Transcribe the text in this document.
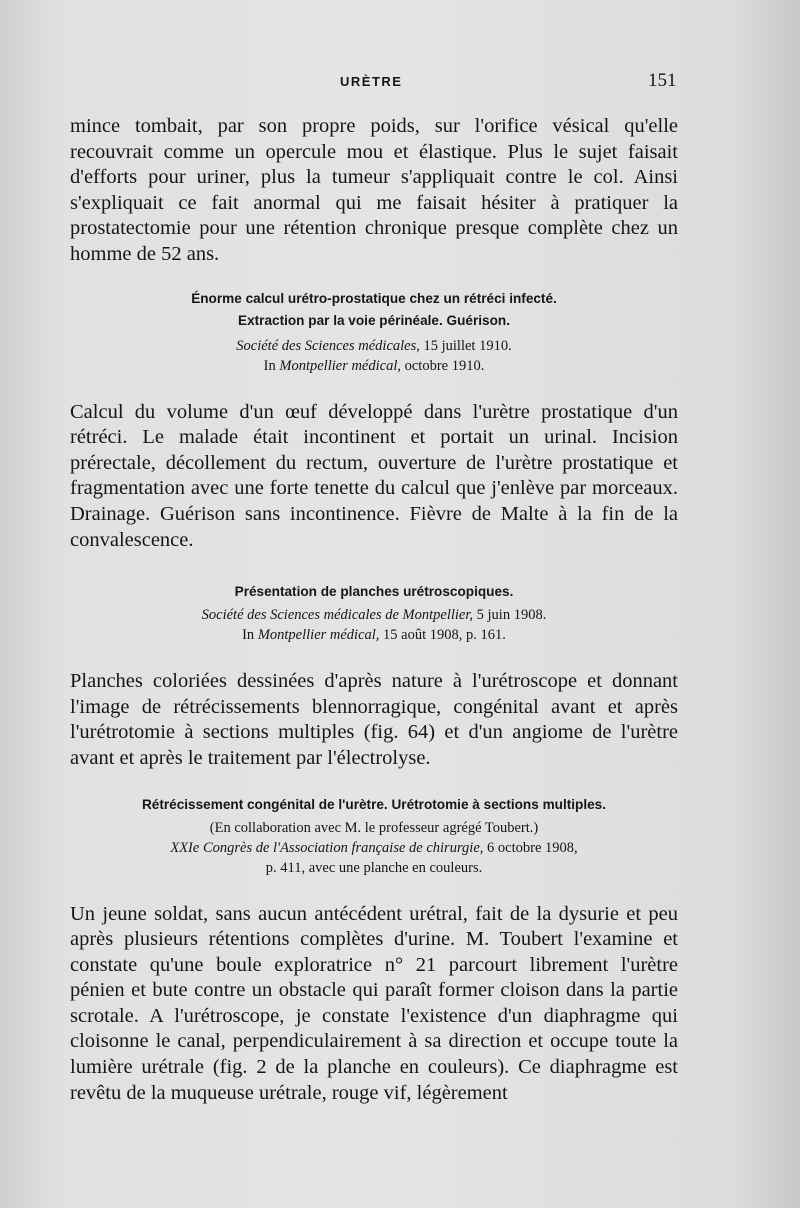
URÈTRE	151

mince tombait, par son propre poids, sur l'orifice vésical qu'elle recouvrait comme un opercule mou et élastique. Plus le sujet faisait d'efforts pour uriner, plus la tumeur s'appliquait contre le col. Ainsi s'expliquait ce fait anormal qui me faisait hésiter à pratiquer la prostatectomie pour une rétention chronique presque complète chez un homme de 52 ans.

Énorme calcul urétro-prostatique chez un rétréci infecté.

Extraction par la voie périnéale. Guérison.

Société des Sciences médicales, 15 juillet 1910.

In Montpellier médical, octobre 1910.

Calcul du volume d'un œuf développé dans l'urètre prostatique d'un rétréci. Le malade était incontinent et portait un urinal. Incision prérectale, décollement du rectum, ouverture de l'urètre prostatique et fragmentation avec une forte tenette du calcul que j'enlève par morceaux. Drainage. Guérison sans incontinence. Fièvre de Malte à la fin de la convalescence.

Présentation de planches urétroscopiques.

Société des Sciences médicales de Montpellier, 5 juin 1908.

In Montpellier médical, 15 août 1908, p. 161.

Planches coloriées dessinées d'après nature à l'urétroscope et donnant l'image de rétrécissements blennorragique, congénital avant et après l'urétrotomie à sections multiples (fig. 64) et d'un angiome de l'urètre avant et après le traitement par l'électrolyse.

Rétrécissement congénital de l'urètre. Urétrotomie à sections multiples.

(En collaboration avec M. le professeur agrégé Toubert.)

XXIe Congrès de l'Association française de chirurgie, 6 octobre 1908,

p. 411, avec une planche en couleurs.

Un jeune soldat, sans aucun antécédent urétral, fait de la dysurie et peu après plusieurs rétentions complètes d'urine. M. Toubert l'examine et constate qu'une boule exploratrice n° 21 parcourt librement l'urètre pénien et bute contre un obstacle qui paraît former cloison dans la partie scrotale. A l'urétroscope, je constate l'existence d'un diaphragme qui cloisonne le canal, perpendiculairement à sa direction et occupe toute la lumière urétrale (fig. 2 de la planche en couleurs). Ce diaphragme est revêtu de la muqueuse urétrale, rouge vif, légèrement
